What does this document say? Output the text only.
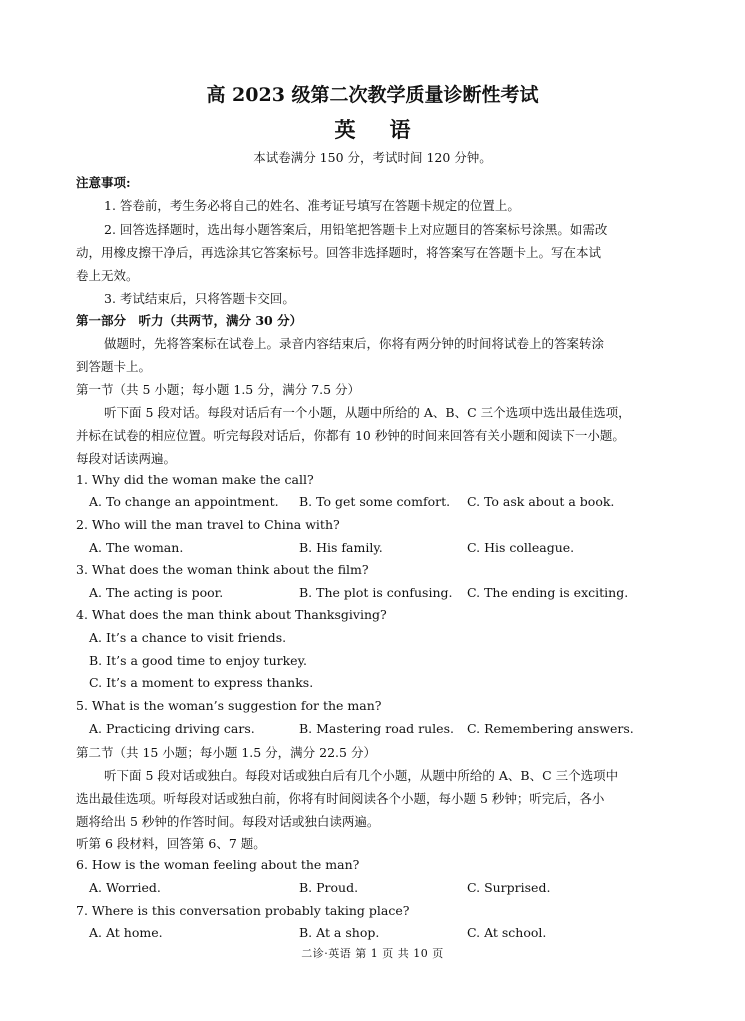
高 2023 级第二次教学质量诊断性考试
英语
本试卷满分 150 分，考试时间 120 分钟。
注意事项:
1. 答卷前，考生务必将自己的姓名、准考证号填写在答题卡规定的位置上。
2. 回答选择题时，选出每小题答案后，用铅笔把答题卡上对应题目的答案标号涂黑。如需改
动，用橡皮擦干净后，再选涂其它答案标号。回答非选择题时，将答案写在答题卡上。写在本试
卷上无效。
3. 考试结束后，只将答题卡交回。
第一部分　听力（共两节，满分 30 分）
做题时，先将答案标在试卷上。录音内容结束后，你将有两分钟的时间将试卷上的答案转涂
到答题卡上。
第一节（共 5 小题；每小题 1.5 分，满分 7.5 分）
听下面 5 段对话。每段对话后有一个小题，从题中所给的 A、B、C 三个选项中选出最佳选项，
并标在试卷的相应位置。听完每段对话后，你都有 10 秒钟的时间来回答有关小题和阅读下一小题。
每段对话读两遍。
1. Why did the woman make the call?
A. To change an appointment. B. To get some comfort. C. To ask about a book.
2. Who will the man travel to China with?
A. The woman.	B. His family.	C. His colleague.
3. What does the woman think about the film?
A. The acting is poor.	B. The plot is confusing. C. The ending is exciting.
4. What does the man think about Thanksgiving?
A. It’s a chance to visit friends.
B. It’s a good time to enjoy turkey.
C. It’s a moment to express thanks.
5. What is the woman’s suggestion for the man?
A. Practicing driving cars.	B. Mastering road rules. C. Remembering answers.
第二节（共 15 小题；每小题 1.5 分，满分 22.5 分）
听下面 5 段对话或独白。每段对话或独白后有几个小题，从题中所给的 A、B、C 三个选项中
选出最佳选项。听每段对话或独白前，你将有时间阅读各个小题，每小题 5 秒钟；听完后，各小
题将给出 5 秒钟的作答时间。每段对话或独白读两遍。
听第 6 段材料，回答第 6、7 题。
6. How is the woman feeling about the man?
A. Worried.	B. Proud.	C. Surprised.
7. Where is this conversation probably taking place?
A. At home.	B. At a shop.	C. At school.
二诊·英语 第 1 页 共 10 页
